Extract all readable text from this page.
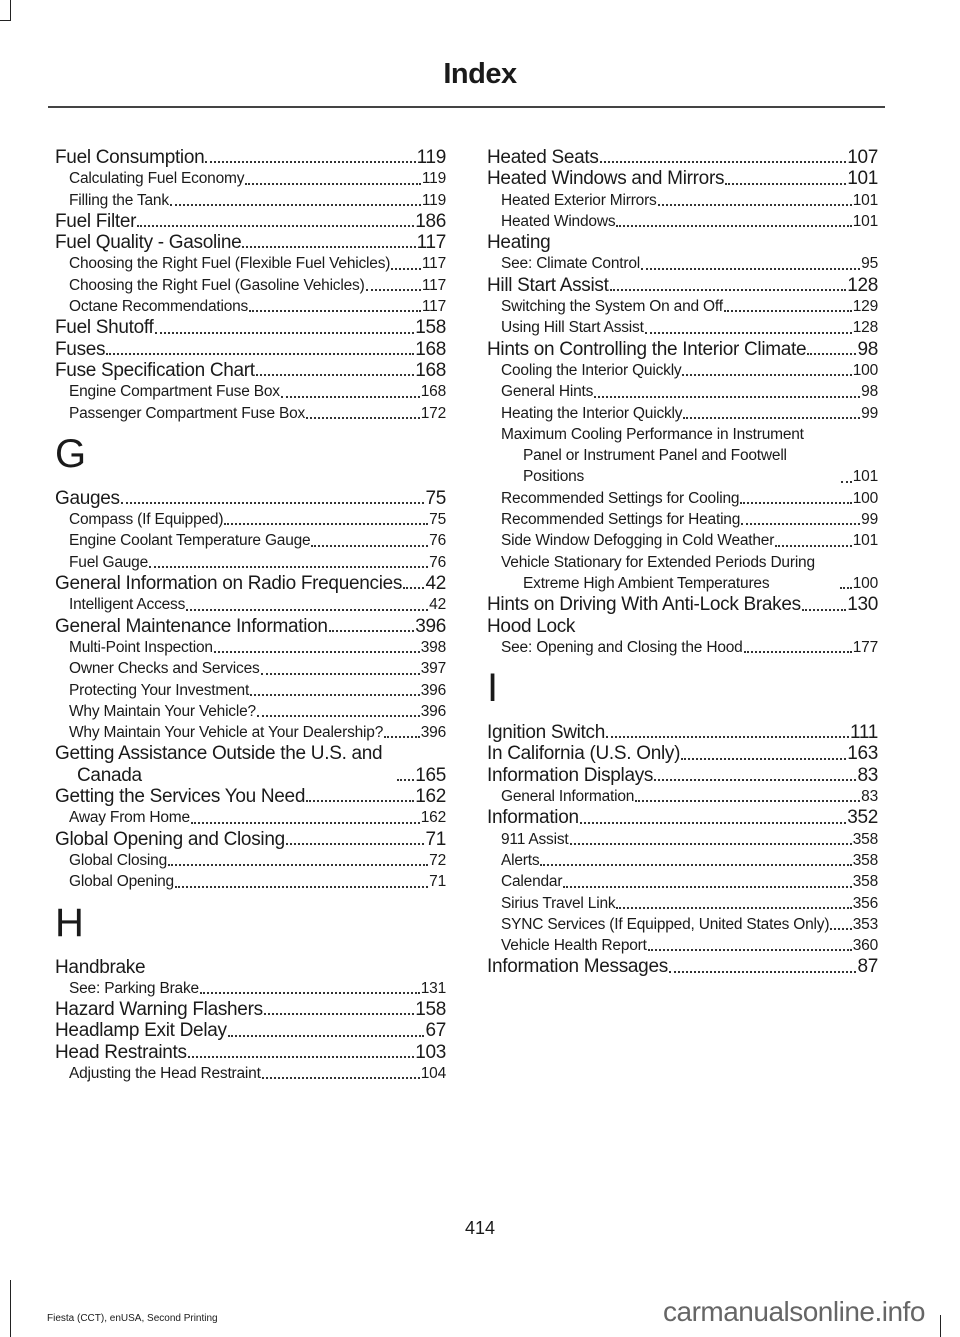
Index
Fuel Consumption	119
Calculating Fuel Economy	119
Filling the Tank	119
Fuel Filter	186
Fuel Quality - Gasoline	117
Choosing the Right Fuel (Flexible Fuel Vehicles) 117
Choosing the Right Fuel (Gasoline Vehicles)	117
Octane Recommendations	117
Fuel Shutoff	158
Fuses	168
Fuse Specification Chart	168
Engine Compartment Fuse Box	168
Passenger Compartment Fuse Box	172
G
Gauges	75
Compass (If Equipped)	75
Engine Coolant Temperature Gauge	76
Fuel Gauge	76
General Information on Radio Frequencies 42
Intelligent Access	42
General Maintenance Information	396
Multi-Point Inspection	398
Owner Checks and Services	397
Protecting Your Investment	396
Why Maintain Your Vehicle?	396
Why Maintain Your Vehicle at Your Dealership? 396
Getting Assistance Outside the U.S. and Canada	165
Getting the Services You Need	162
Away From Home	162
Global Opening and Closing	71
Global Closing	72
Global Opening	71
H
Handbrake
See: Parking Brake	131
Hazard Warning Flashers	158
Headlamp Exit Delay	67
Head Restraints	103
Adjusting the Head Restraint	104
Heated Seats	107
Heated Windows and Mirrors	101
Heated Exterior Mirrors	101
Heated Windows	101
Heating
See: Climate Control	95
Hill Start Assist	128
Switching the System On and Off	129
Using Hill Start Assist	128
Hints on Controlling the Interior Climate	98
Cooling the Interior Quickly	100
General Hints	98
Heating the Interior Quickly	99
Maximum Cooling Performance in Instrument Panel or Instrument Panel and Footwell Positions	101
Recommended Settings for Cooling	100
Recommended Settings for Heating	99
Side Window Defogging in Cold Weather	101
Vehicle Stationary for Extended Periods During Extreme High Ambient Temperatures	100
Hints on Driving With Anti-Lock Brakes 130
Hood Lock
See: Opening and Closing the Hood	177
I
Ignition Switch	111
In California (U.S. Only)	163
Information Displays	83
General Information	83
Information	352
911 Assist	358
Alerts	358
Calendar	358
Sirius Travel Link	356
SYNC Services (If Equipped, United States Only) 353
Vehicle Health Report	360
Information Messages	87
414
Fiesta (CCT), enUSA, Second Printing	carmanualsonline.info
